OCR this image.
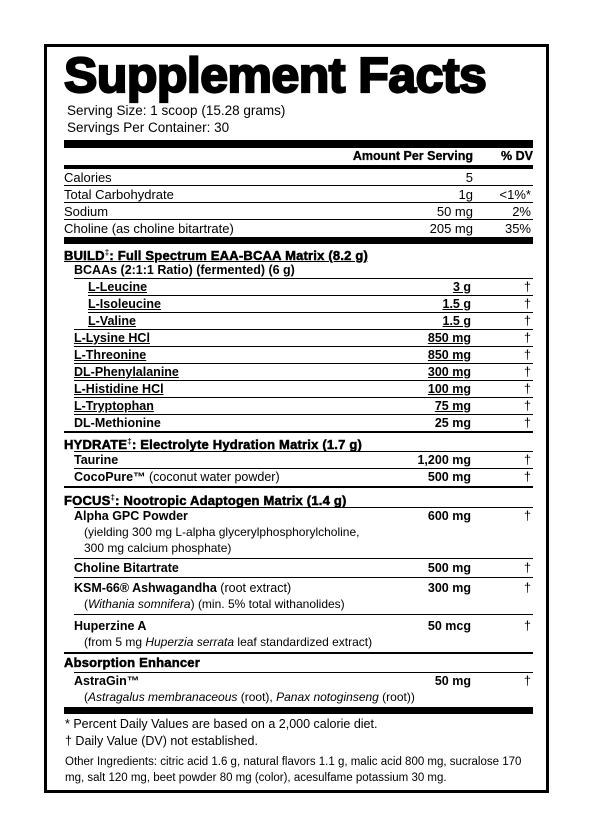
Supplement Facts
Serving Size: 1 scoop (15.28 grams)
Servings Per Container: 30
Amount Per Serving	% DV
Calories	5
Total Carbohydrate	1g	<1%*
Sodium	50 mg	2%
Choline (as choline bitartrate)	205 mg	35%
BUILD‡: Full Spectrum EAA-BCAA Matrix (8.2 g)
BCAAs (2:1:1 Ratio) (fermented) (6 g)
L-Leucine	3 g	†
L-Isoleucine	1.5 g	†
L-Valine	1.5 g	†
L-Lysine HCl	850 mg	†
L-Threonine	850 mg	†
DL-Phenylalanine	300 mg	†
L-Histidine HCl	100 mg	†
L-Tryptophan	75 mg	†
DL-Methionine	25 mg	†
HYDRATE‡: Electrolyte Hydration Matrix (1.7 g)
Taurine	1,200 mg	†
CocoPure™ (coconut water powder)	500 mg	†
FOCUS‡: Nootropic Adaptogen Matrix (1.4 g)
Alpha GPC Powder	600 mg	†
(yielding 300 mg L-alpha glycerylphosphorylcholine,
300 mg calcium phosphate)
Choline Bitartrate	500 mg	†
KSM-66® Ashwagandha (root extract)	300 mg	†
(Withania somnifera) (min. 5% total withanolides)
Huperzine A	50 mcg	†
(from 5 mg Huperzia serrata leaf standardized extract)
Absorption Enhancer
AstraGin™	50 mg	†
(Astragalus membranaceous (root), Panax notoginseng (root))
* Percent Daily Values are based on a 2,000 calorie diet.
† Daily Value (DV) not established.
Other Ingredients: citric acid 1.6 g, natural flavors 1.1 g, malic acid 800 mg, sucralose 170 mg, salt 120 mg, beet powder 80 mg (color), acesulfame potassium 30 mg.
